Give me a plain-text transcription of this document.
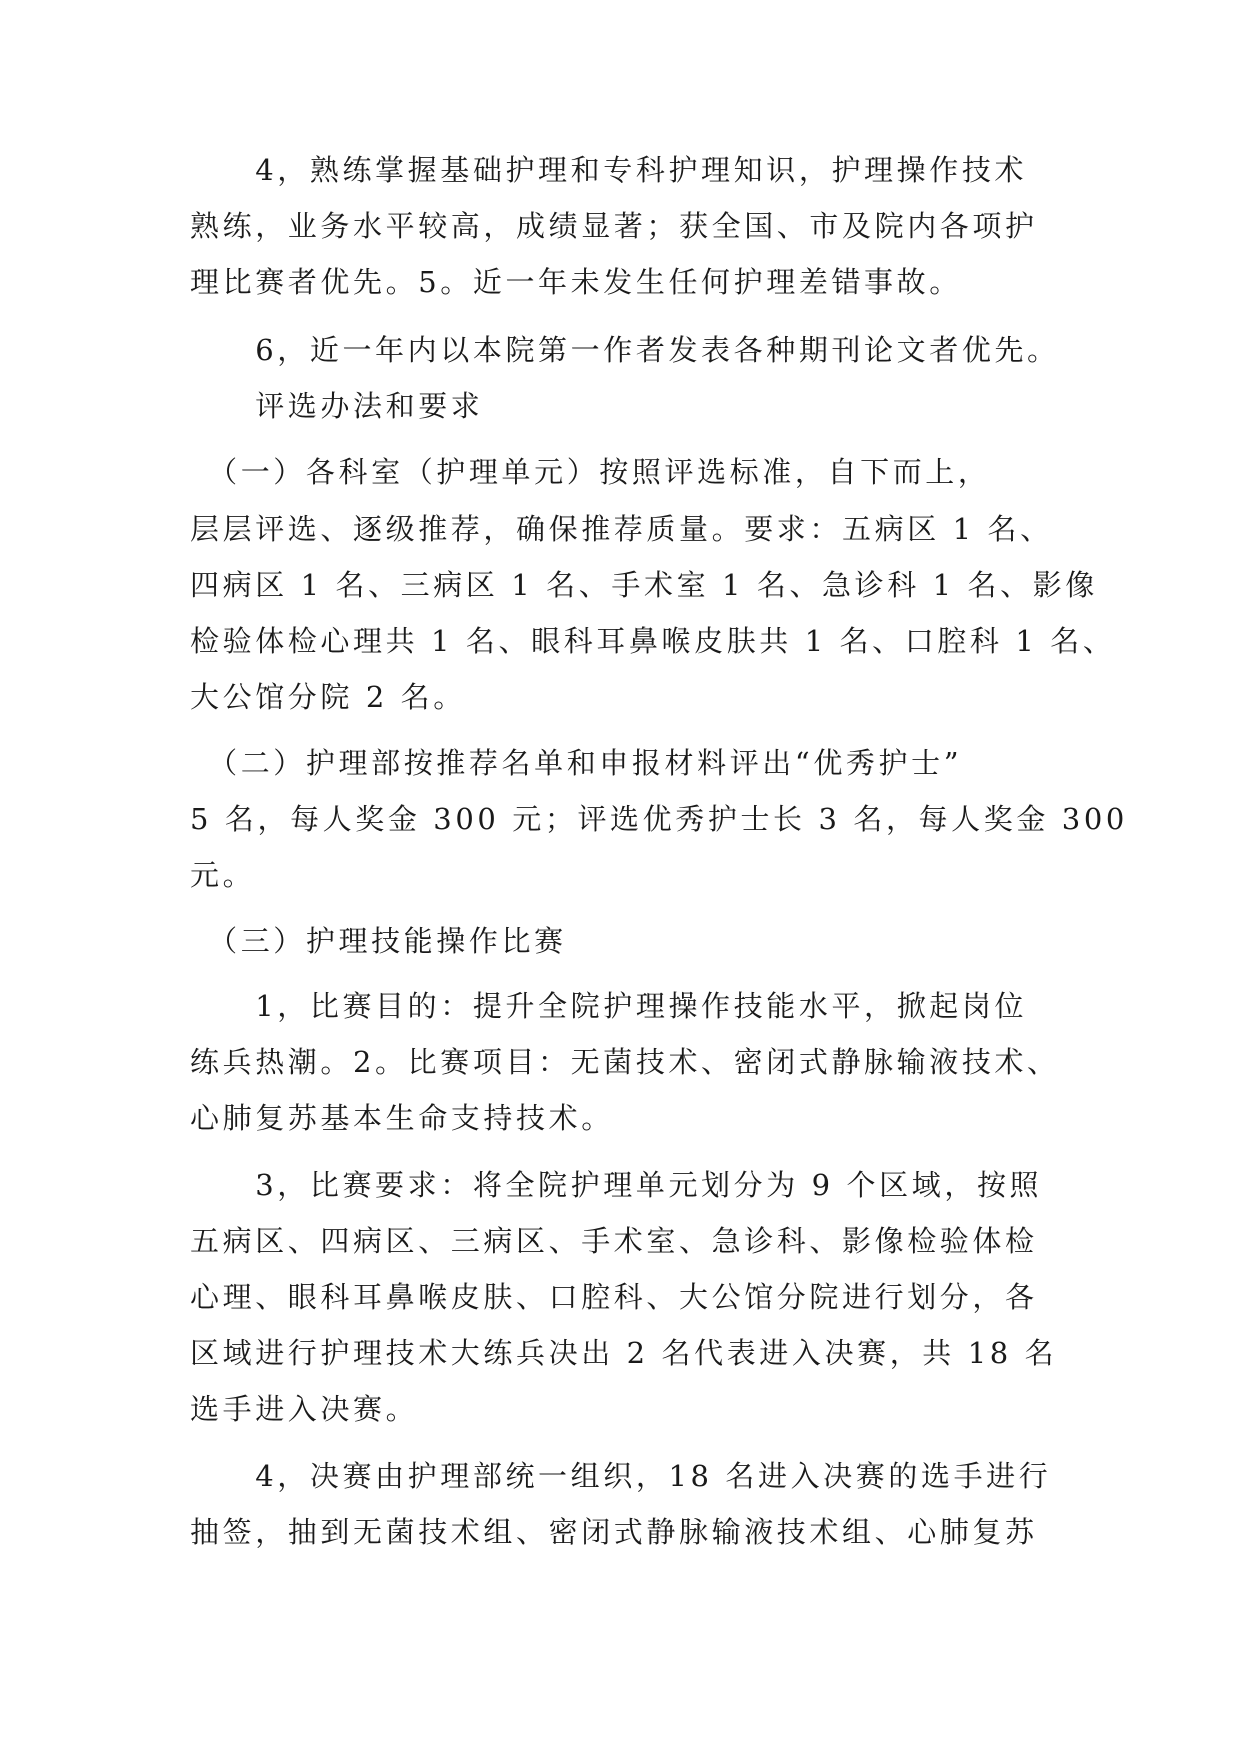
　　4，熟练掌握基础护理和专科护理知识，护理操作技术
熟练，业务水平较高，成绩显著；获全国、市及院内各项护
理比赛者优先。5。近一年未发生任何护理差错事故。
　　6，近一年内以本院第一作者发表各种期刊论文者优先。
　　评选办法和要求
　（一）各科室（护理单元）按照评选标准，自下而上，
层层评选、逐级推荐，确保推荐质量。要求：五病区 1 名、
四病区 1 名、三病区 1 名、手术室 1 名、急诊科 1 名、影像
检验体检心理共 1 名、眼科耳鼻喉皮肤共 1 名、口腔科 1 名、
大公馆分院 2 名。
　（二）护理部按推荐名单和申报材料评出“优秀护士”
5 名，每人奖金 300 元；评选优秀护士长 3 名，每人奖金 300
元。
　（三）护理技能操作比赛
　　1，比赛目的：提升全院护理操作技能水平，掀起岗位
练兵热潮。2。比赛项目：无菌技术、密闭式静脉输液技术、
心肺复苏基本生命支持技术。
　　3，比赛要求：将全院护理单元划分为 9 个区域，按照
五病区、四病区、三病区、手术室、急诊科、影像检验体检
心理、眼科耳鼻喉皮肤、口腔科、大公馆分院进行划分，各
区域进行护理技术大练兵决出 2 名代表进入决赛，共 18 名
选手进入决赛。
　　4，决赛由护理部统一组织，18 名进入决赛的选手进行
抽签，抽到无菌技术组、密闭式静脉输液技术组、心肺复苏
